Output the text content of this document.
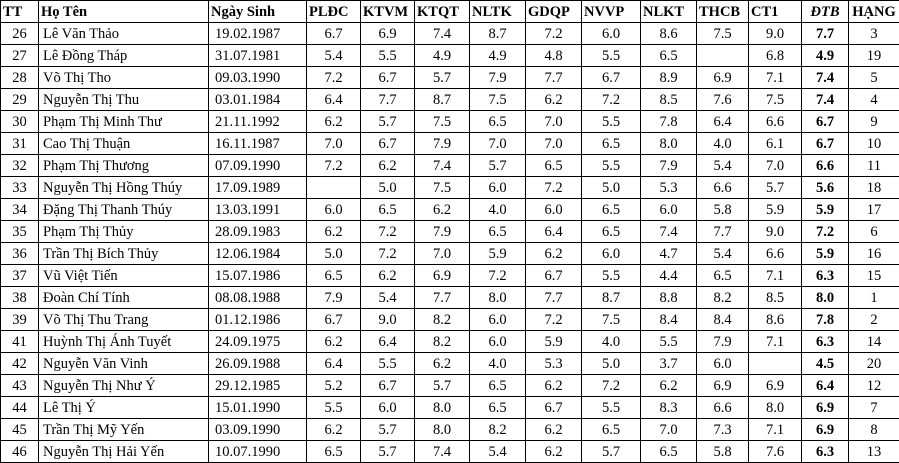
TT	Họ Tên	Ngày Sinh	PLĐC	KTVM	KTQT	NLTK	GDQP	NVVP	NLKT	THCB	CT1	ĐTB	HẠNG
26	Lê Văn Thảo	19.02.1987	6.7	6.9	7.4	8.7	7.2	6.0	8.6	7.5	9.0	7.7	3
27	Lê Đồng Tháp	31.07.1981	5.4	5.5	4.9	4.9	4.8	5.5	6.5		6.8	4.9	19
28	Võ Thị Tho	09.03.1990	7.2	6.7	5.7	7.9	7.7	6.7	8.9	6.9	7.1	7.4	5
29	Nguyễn Thị Thu	03.01.1984	6.4	7.7	8.7	7.5	6.2	7.2	8.5	7.6	7.5	7.4	4
30	Phạm Thị Minh Thư	21.11.1992	6.2	5.7	7.5	6.5	7.0	5.5	7.8	6.4	6.6	6.7	9
31	Cao Thị Thuận	16.11.1987	7.0	6.7	7.9	7.0	7.0	6.5	8.0	4.0	6.1	6.7	10
32	Phạm Thị Thương	07.09.1990	7.2	6.2	7.4	5.7	6.5	5.5	7.9	5.4	7.0	6.6	11
33	Nguyễn Thị Hồng Thúy	17.09.1989		5.0	7.5	6.0	7.2	5.0	5.3	6.6	5.7	5.6	18
34	Đặng Thị Thanh Thúy	13.03.1991	6.0	6.5	6.2	4.0	6.0	6.5	6.0	5.8	5.9	5.9	17
35	Phạm Thị Thủy	28.09.1983	6.2	7.2	7.9	6.5	6.4	6.5	7.4	7.7	9.0	7.2	6
36	Trần Thị Bích Thủy	12.06.1984	5.0	7.2	7.0	5.9	6.2	6.0	4.7	5.4	6.6	5.9	16
37	Vũ Việt Tiến	15.07.1986	6.5	6.2	6.9	7.2	6.7	5.5	4.4	6.5	7.1	6.3	15
38	Đoàn Chí Tính	08.08.1988	7.9	5.4	7.7	8.0	7.7	8.7	8.8	8.2	8.5	8.0	1
39	Võ Thị Thu Trang	01.12.1986	6.7	9.0	8.2	6.0	7.2	7.5	8.4	8.4	8.6	7.8	2
41	Huỳnh Thị Ánh Tuyết	24.09.1975	6.2	6.4	8.2	6.0	5.9	4.0	5.5	7.9	7.1	6.3	14
42	Nguyễn Văn Vinh	26.09.1988	6.4	5.5	6.2	4.0	5.3	5.0	3.7	6.0		4.5	20
43	Nguyễn Thị Như Ý	29.12.1985	5.2	6.7	5.7	6.5	6.2	7.2	6.2	6.9	6.9	6.4	12
44	Lê Thị Ý	15.01.1990	5.5	6.0	8.0	6.5	6.7	5.5	8.3	6.6	8.0	6.9	7
45	Trần Thị Mỹ Yến	03.09.1990	6.2	5.7	8.0	8.2	6.2	6.5	7.0	7.3	7.1	6.9	8
46	Nguyễn Thị Hải Yến	10.07.1990	6.5	5.7	7.4	5.4	6.2	5.7	6.5	5.8	7.6	6.3	13
